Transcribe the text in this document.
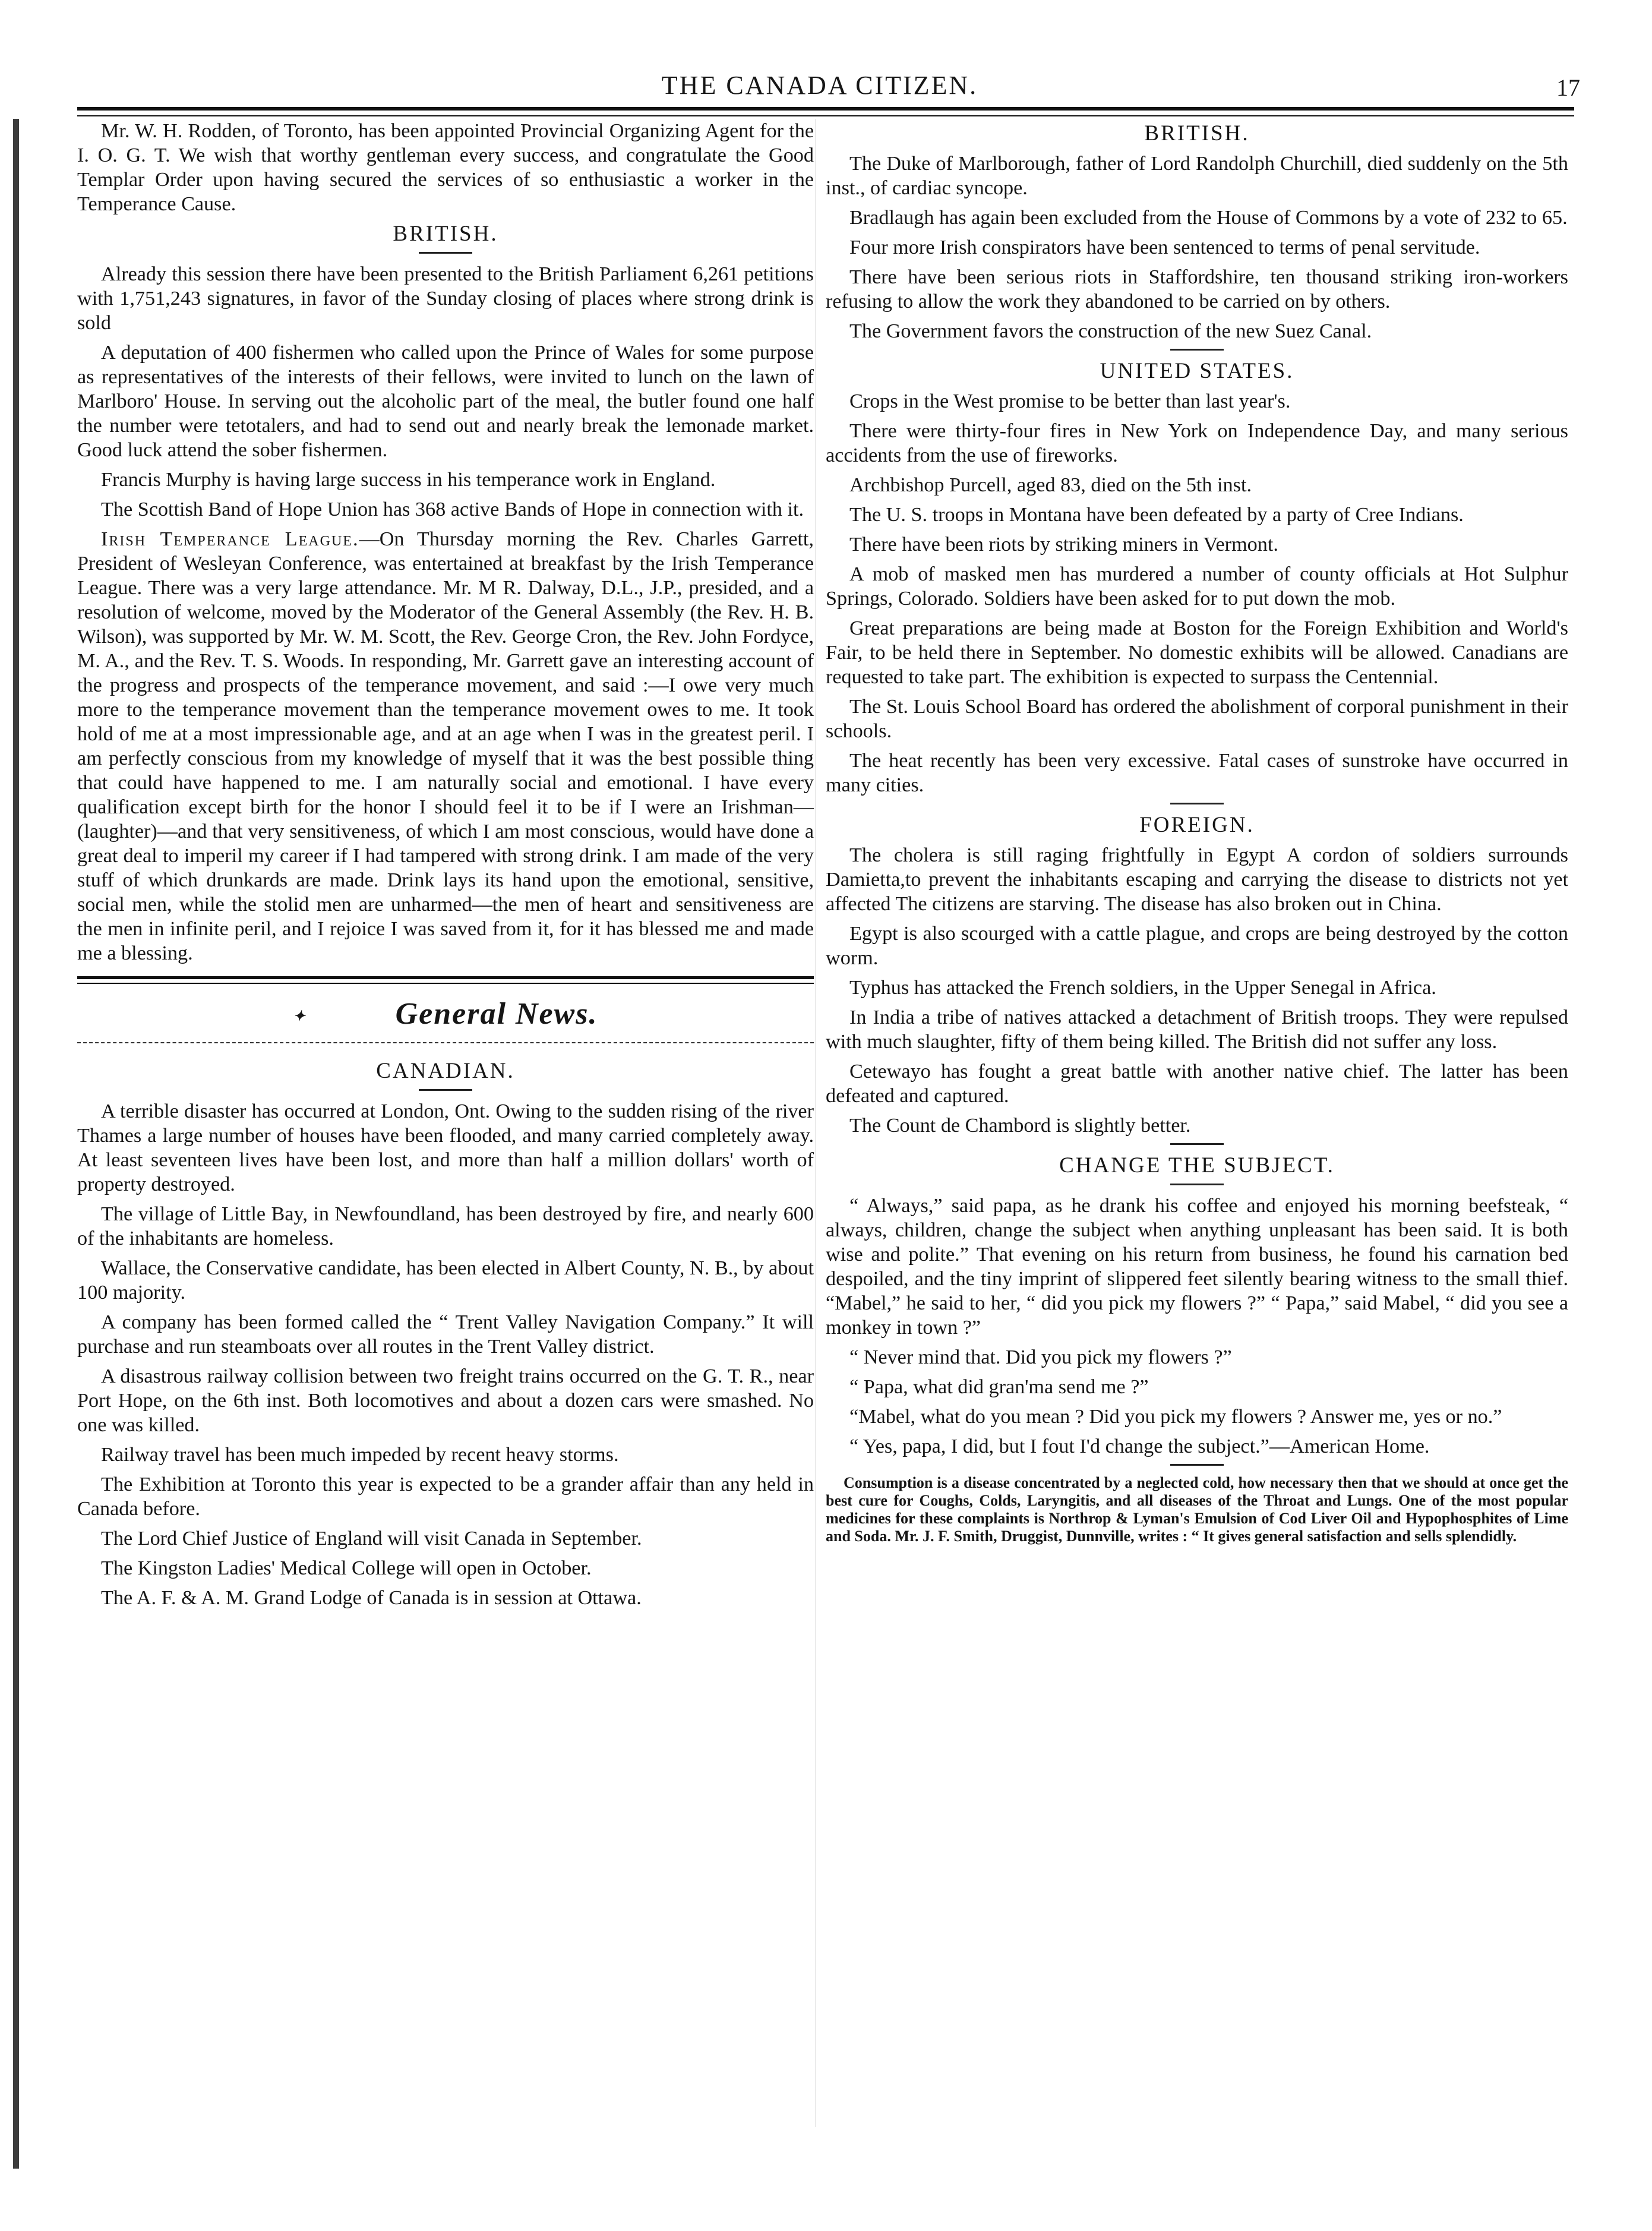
THE CANADA CITIZEN.	17

Mr. W. H. Rodden, of Toronto, has been appointed Provincial Organizing Agent for the I. O. G. T. We wish that worthy gentleman every success, and congratulate the Good Templar Order upon having secured the services of so enthusiastic a worker in the Temperance Cause.

BRITISH.

Already this session there have been presented to the British Parliament 6,261 petitions with 1,751,243 signatures, in favor of the Sunday closing of places where strong drink is sold

A deputation of 400 fishermen who called upon the Prince of Wales for some purpose as representatives of the interests of their fellows, were invited to lunch on the lawn of Marlboro' House. In serving out the alcoholic part of the meal, the butler found one half the number were tetotalers, and had to send out and nearly break the lemonade market. Good luck attend the sober fishermen.

Francis Murphy is having large success in his temperance work in England.

The Scottish Band of Hope Union has 368 active Bands of Hope in connection with it.

Irish Temperance League.—On Thursday morning the Rev. Charles Garrett, President of Wesleyan Conference, was entertained at breakfast by the Irish Temperance League. There was a very large attendance. Mr. M R. Dalway, D.L., J.P., presided, and a resolution of welcome, moved by the Moderator of the General Assembly (the Rev. H. B. Wilson), was supported by Mr. W. M. Scott, the Rev. George Cron, the Rev. John Fordyce, M. A., and the Rev. T. S. Woods. In responding, Mr. Garrett gave an interesting account of the progress and prospects of the temperance movement, and said :—I owe very much more to the temperance movement than the temperance movement owes to me. It took hold of me at a most impressionable age, and at an age when I was in the greatest peril. I am perfectly conscious from my knowledge of myself that it was the best possible thing that could have happened to me. I am naturally social and emotional. I have every qualification except birth for the honor I should feel it to be if I were an Irishman—(laughter)—and that very sensitiveness, of which I am most conscious, would have done a great deal to imperil my career if I had tampered with strong drink. I am made of the very stuff of which drunkards are made. Drink lays its hand upon the emotional, sensitive, social men, while the stolid men are unharmed—the men of heart and sensitiveness are the men in infinite peril, and I rejoice I was saved from it, for it has blessed me and made me a blessing.

✦	General News.
CANADIAN.

A terrible disaster has occurred at London, Ont. Owing to the sudden rising of the river Thames a large number of houses have been flooded, and many carried completely away. At least seventeen lives have been lost, and more than half a million dollars' worth of property destroyed.

The village of Little Bay, in Newfoundland, has been destroyed by fire, and nearly 600 of the inhabitants are homeless.

Wallace, the Conservative candidate, has been elected in Albert County, N. B., by about 100 majority.

A company has been formed called the “ Trent Valley Navigation Company.” It will purchase and run steamboats over all routes in the Trent Valley district.

A disastrous railway collision between two freight trains occurred on the G. T. R., near Port Hope, on the 6th inst. Both locomotives and about a dozen cars were smashed. No one was killed.

Railway travel has been much impeded by recent heavy storms.

The Exhibition at Toronto this year is expected to be a grander affair than any held in Canada before.

The Lord Chief Justice of England will visit Canada in September.

The Kingston Ladies' Medical College will open in October.

The A. F. & A. M. Grand Lodge of Canada is in session at Ottawa.

BRITISH.

The Duke of Marlborough, father of Lord Randolph Churchill, died suddenly on the 5th inst., of cardiac syncope.

Bradlaugh has again been excluded from the House of Commons by a vote of 232 to 65.

Four more Irish conspirators have been sentenced to terms of penal servitude.

There have been serious riots in Staffordshire, ten thousand striking iron-workers refusing to allow the work they abandoned to be carried on by others.

The Government favors the construction of the new Suez Canal.

UNITED STATES.

Crops in the West promise to be better than last year's.

There were thirty-four fires in New York on Independence Day, and many serious accidents from the use of fireworks.

Archbishop Purcell, aged 83, died on the 5th inst.

The U. S. troops in Montana have been defeated by a party of Cree Indians.

There have been riots by striking miners in Vermont.

A mob of masked men has murdered a number of county officials at Hot Sulphur Springs, Colorado. Soldiers have been asked for to put down the mob.

Great preparations are being made at Boston for the Foreign Exhibition and World's Fair, to be held there in September. No domestic exhibits will be allowed. Canadians are requested to take part. The exhibition is expected to surpass the Centennial.

The St. Louis School Board has ordered the abolishment of corporal punishment in their schools.

The heat recently has been very excessive. Fatal cases of sunstroke have occurred in many cities.

FOREIGN.

The cholera is still raging frightfully in Egypt A cordon of soldiers surrounds Damietta,to prevent the inhabitants escaping and carrying the disease to districts not yet affected The citizens are starving. The disease has also broken out in China.

Egypt is also scourged with a cattle plague, and crops are being destroyed by the cotton worm.

Typhus has attacked the French soldiers, in the Upper Senegal in Africa.

In India a tribe of natives attacked a detachment of British troops. They were repulsed with much slaughter, fifty of them being killed. The British did not suffer any loss.

Cetewayo has fought a great battle with another native chief. The latter has been defeated and captured.

The Count de Chambord is slightly better.

CHANGE THE SUBJECT.

“ Always,” said papa, as he drank his coffee and enjoyed his morning beefsteak, “ always, children, change the subject when anything unpleasant has been said. It is both wise and polite.” That evening on his return from business, he found his carnation bed despoiled, and the tiny imprint of slippered feet silently bearing witness to the small thief. “Mabel,” he said to her, “ did you pick my flowers ?” “ Papa,” said Mabel, “ did you see a monkey in town ?”

“ Never mind that. Did you pick my flowers ?”

“ Papa, what did gran'ma send me ?”

“Mabel, what do you mean ? Did you pick my flowers ? Answer me, yes or no.”

“ Yes, papa, I did, but I fout I'd change the subject.”—American Home.

Consumption is a disease concentrated by a neglected cold, how necessary then that we should at once get the best cure for Coughs, Colds, Laryngitis, and all diseases of the Throat and Lungs. One of the most popular medicines for these complaints is Northrop & Lyman's Emulsion of Cod Liver Oil and Hypophosphites of Lime and Soda. Mr. J. F. Smith, Druggist, Dunnville, writes : “ It gives general satisfaction and sells splendidly.
